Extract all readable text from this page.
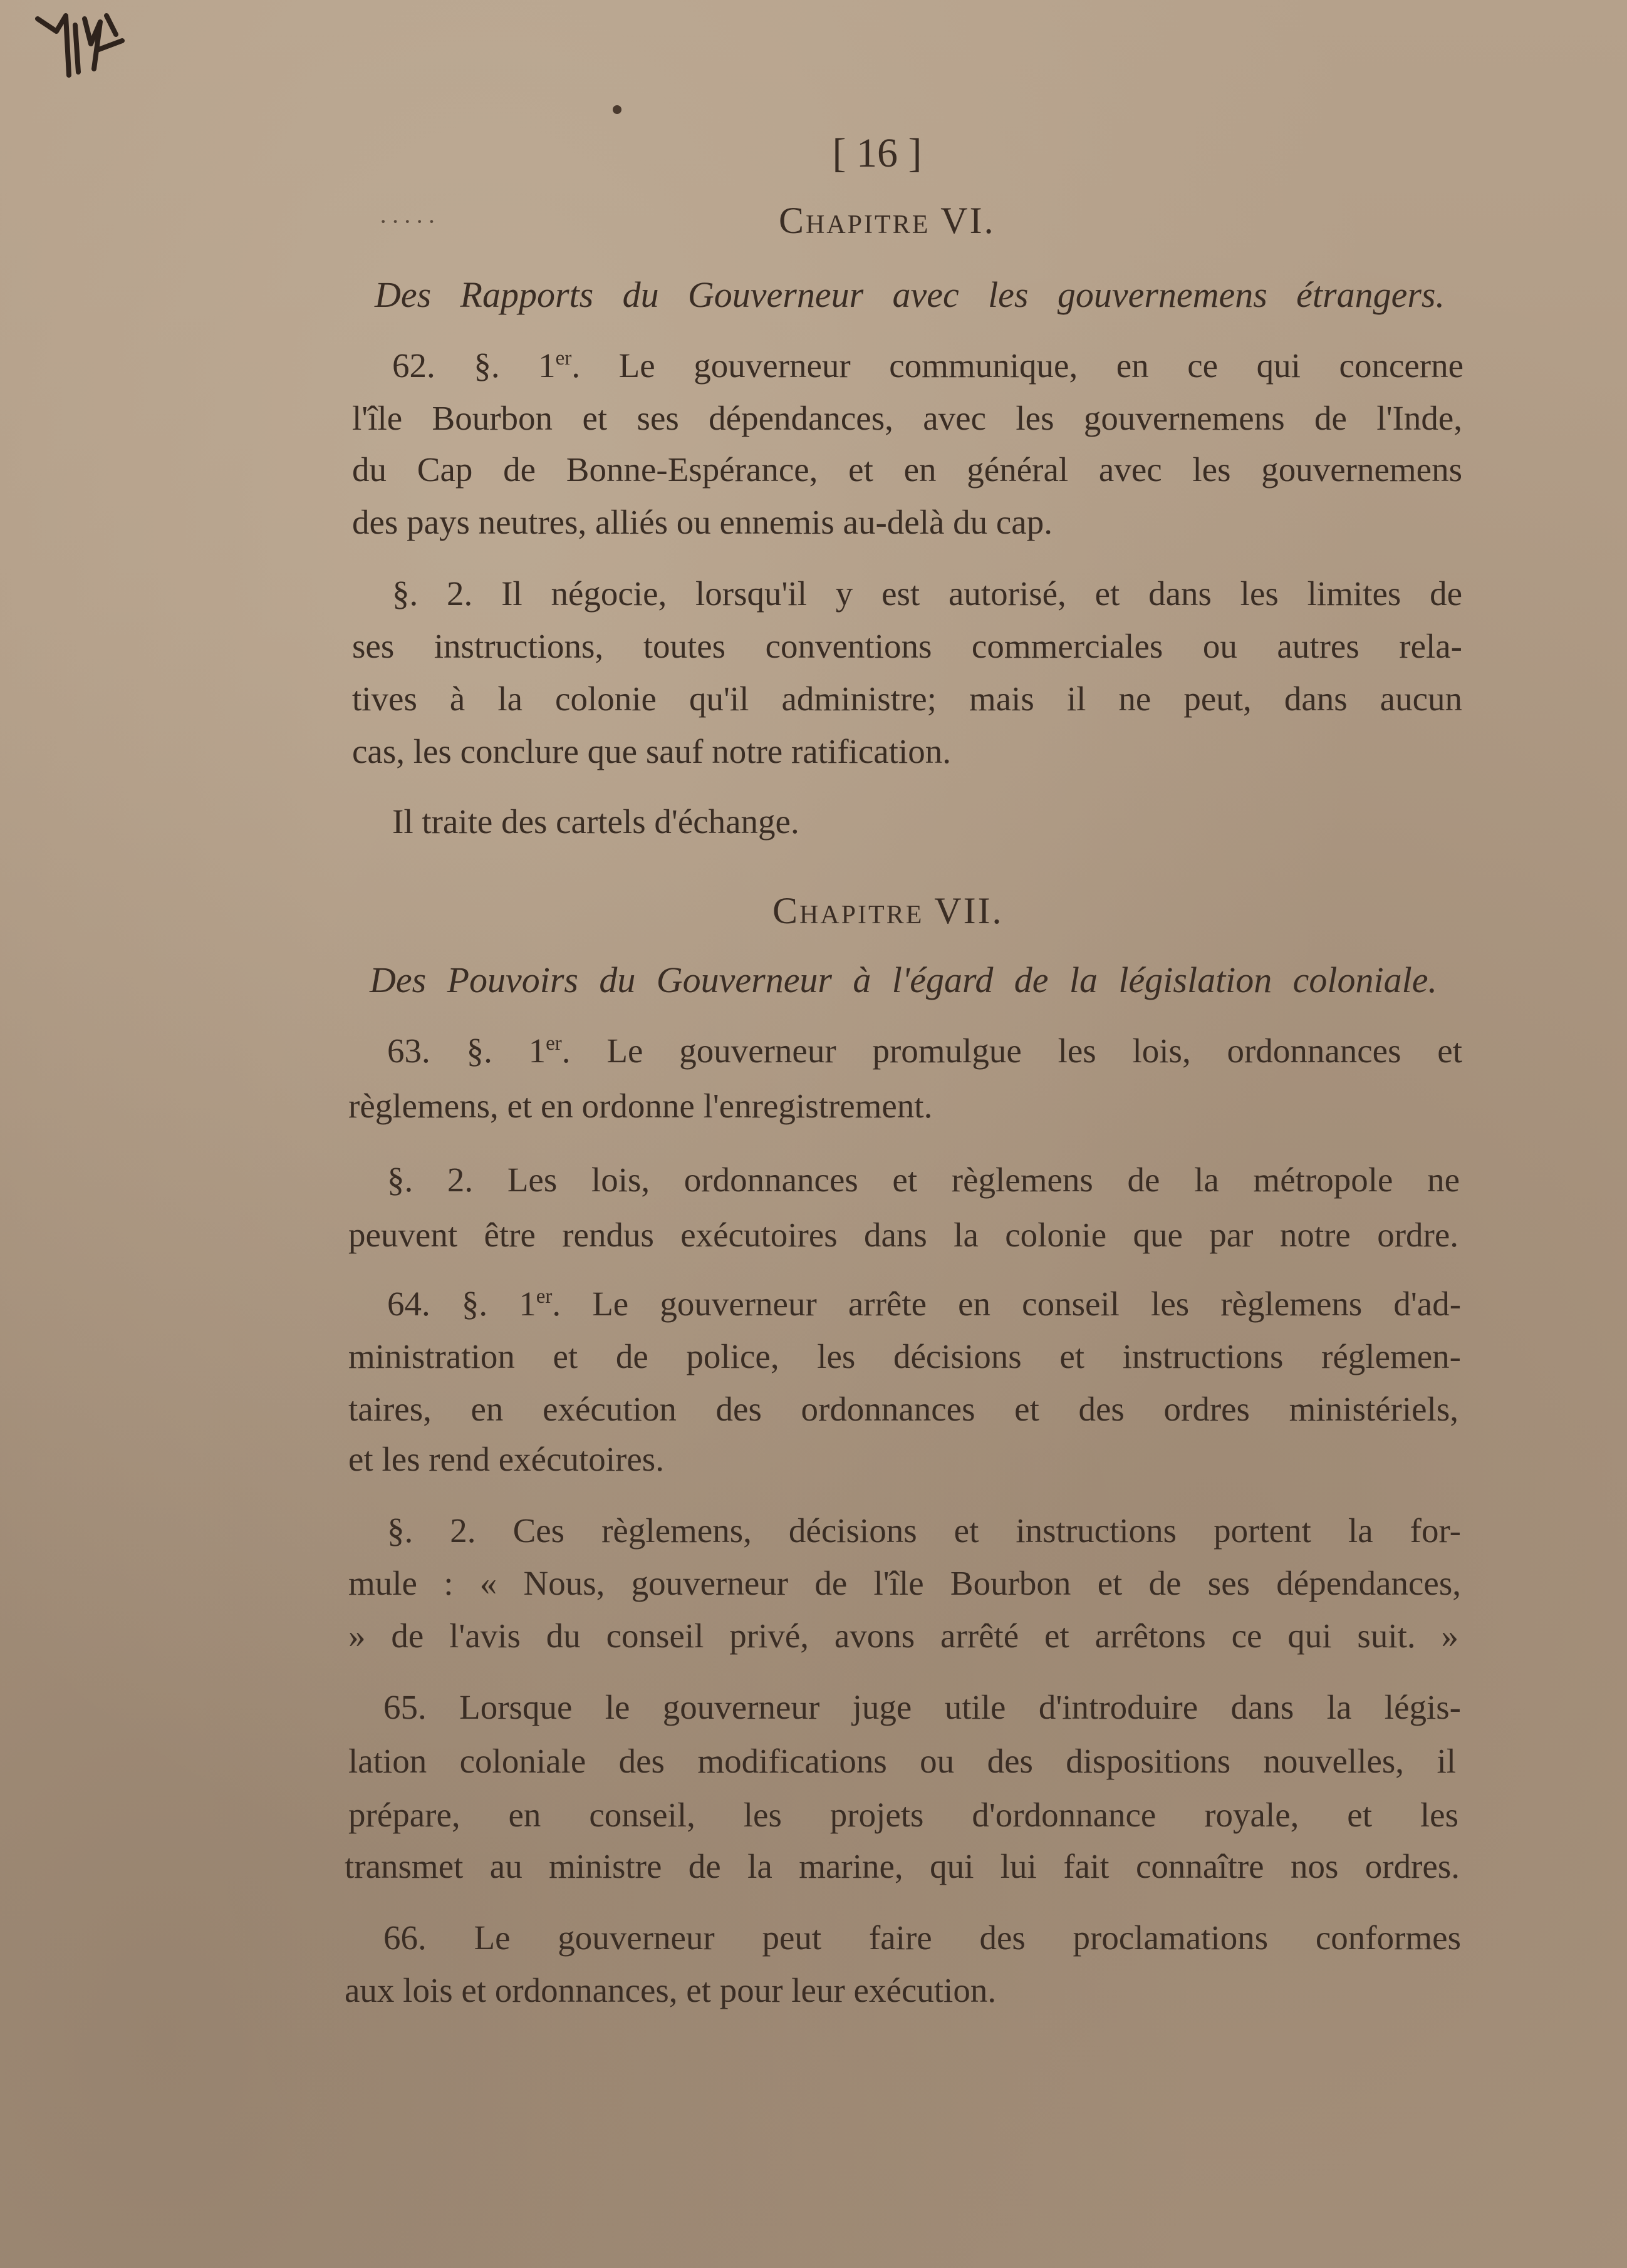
[ 16 ]
·····	Chapitre VI.
Des Rapports du Gouverneur avec les gouvernemens étrangers.
62. §. 1er. Le gouverneur communique, en ce qui concerne
l'île Bourbon et ses dépendances, avec les gouvernemens de l'Inde,
du Cap de Bonne-Espérance, et en général avec les gouvernemens
des pays neutres, alliés ou ennemis au-delà du cap.
§. 2. Il négocie, lorsqu'il y est autorisé, et dans les limites de
ses instructions, toutes conventions commerciales ou autres rela-
tives à la colonie qu'il administre; mais il ne peut, dans aucun
cas, les conclure que sauf notre ratification.
Il traite des cartels d'échange.
Chapitre VII.
Des Pouvoirs du Gouverneur à l'égard de la législation coloniale.
63. §. 1er. Le gouverneur promulgue les lois, ordonnances et
règlemens, et en ordonne l'enregistrement.
§. 2. Les lois, ordonnances et règlemens de la métropole ne
peuvent être rendus exécutoires dans la colonie que par notre ordre.
64. §. 1er. Le gouverneur arrête en conseil les règlemens d'ad-
ministration et de police, les décisions et instructions réglemen-
taires, en exécution des ordonnances et des ordres ministériels,
et les rend exécutoires.
§. 2. Ces règlemens, décisions et instructions portent la for-
mule : « Nous, gouverneur de l'île Bourbon et de ses dépendances,
» de l'avis du conseil privé, avons arrêté et arrêtons ce qui suit. »
65. Lorsque le gouverneur juge utile d'introduire dans la légis-
lation coloniale des modifications ou des dispositions nouvelles, il
prépare, en conseil, les projets d'ordonnance royale, et les
transmet au ministre de la marine, qui lui fait connaître nos ordres.
66. Le gouverneur peut faire des proclamations conformes
aux lois et ordonnances, et pour leur exécution.
